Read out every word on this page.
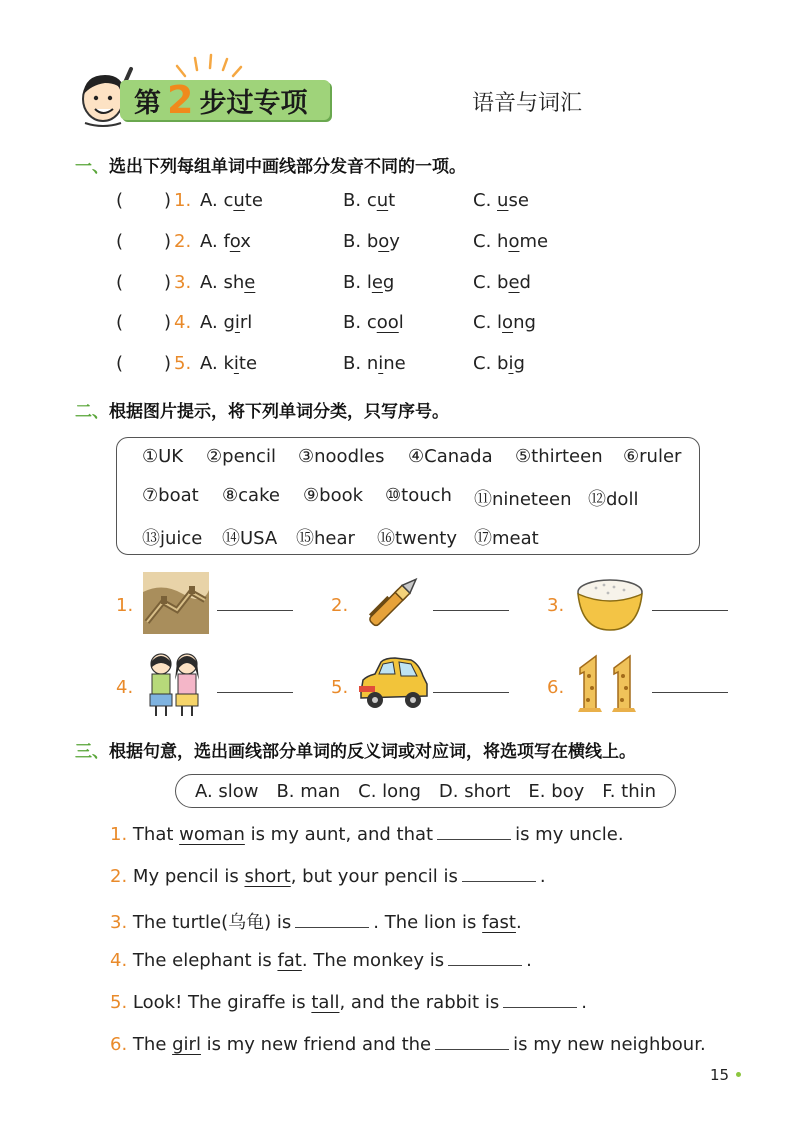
第 2 步过专项	语音与词汇
一、选出下列每组单词中画线部分发音不同的一项。
( ) 1. A. cute	B. cut	C. use
( ) 2. A. fox	B. boy	C. home
( ) 3. A. she	B. leg	C. bed
( ) 4. A. girl	B. cool	C. long
( ) 5. A. kite	B. nine	C. big
二、根据图片提示，将下列单词分类，只写序号。
①UK ②pencil ③noodles ④Canada ⑤thirteen ⑥ruler
⑦boat ⑧cake ⑨book ⑩touch ⑪nineteen ⑫doll
⑬juice ⑭USA ⑮hear ⑯twenty ⑰meat
1.	2.	3.
4.	5.	6.
三、根据句意，选出画线部分单词的反义词或对应词，将选项写在横线上。
A. slow B. man C. long D. short E. boy F. thin
1. That woman is my aunt, and that	is my uncle.
2. My pencil is short, but your pencil is	.
3. The turtle(乌龟) is	. The lion is fast.
4. The elephant is fat. The monkey is	.
5. Look! The giraffe is tall, and the rabbit is	.
6. The girl is my new friend and the	is my new neighbour.
15
